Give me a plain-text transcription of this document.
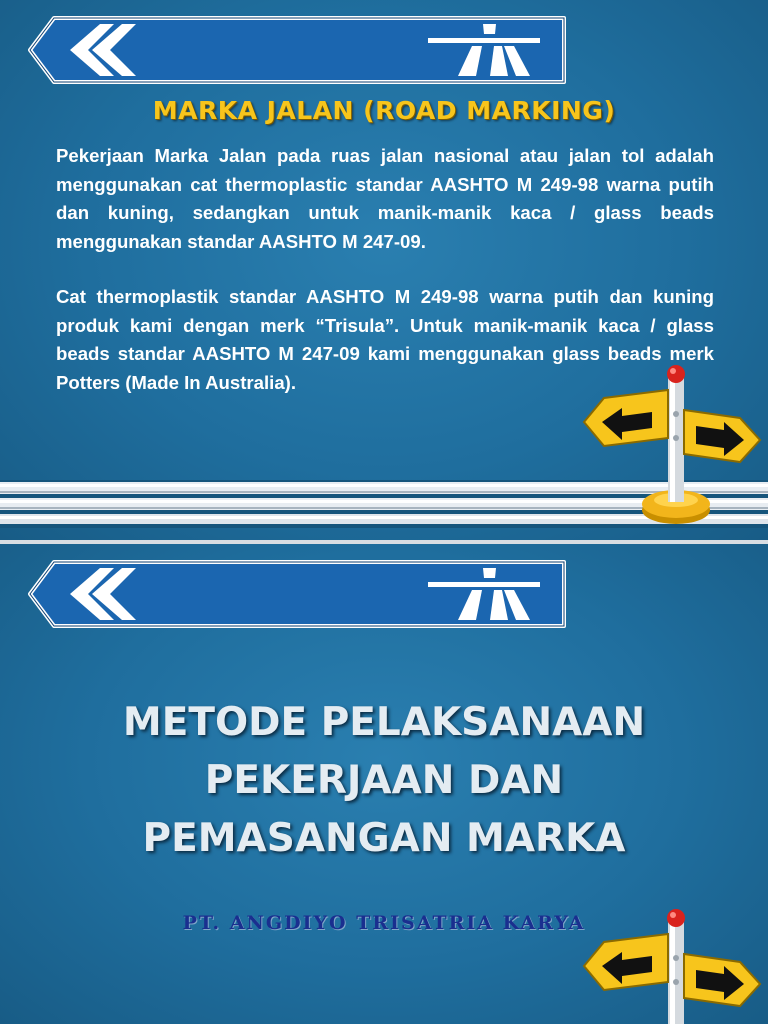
MARKA JALAN (ROAD MARKING)
Pekerjaan Marka Jalan pada ruas jalan nasional atau jalan tol adalah menggunakan cat thermoplastic standar AASHTO M 249-98 warna putih dan kuning, sedangkan untuk manik-manik kaca / glass beads menggunakan standar AASHTO M 247-09.
Cat thermoplastik standar AASHTO M 249-98 warna putih dan kuning produk kami dengan merk “Trisula”. Untuk manik-manik kaca / glass beads standar AASHTO M 247-09 kami menggunakan glass beads merk Potters (Made In Australia).
METODE PELAKSANAAN
PEKERJAAN DAN
PEMASANGAN MARKA
PT. ANGDIYO TRISATRIA KARYA
